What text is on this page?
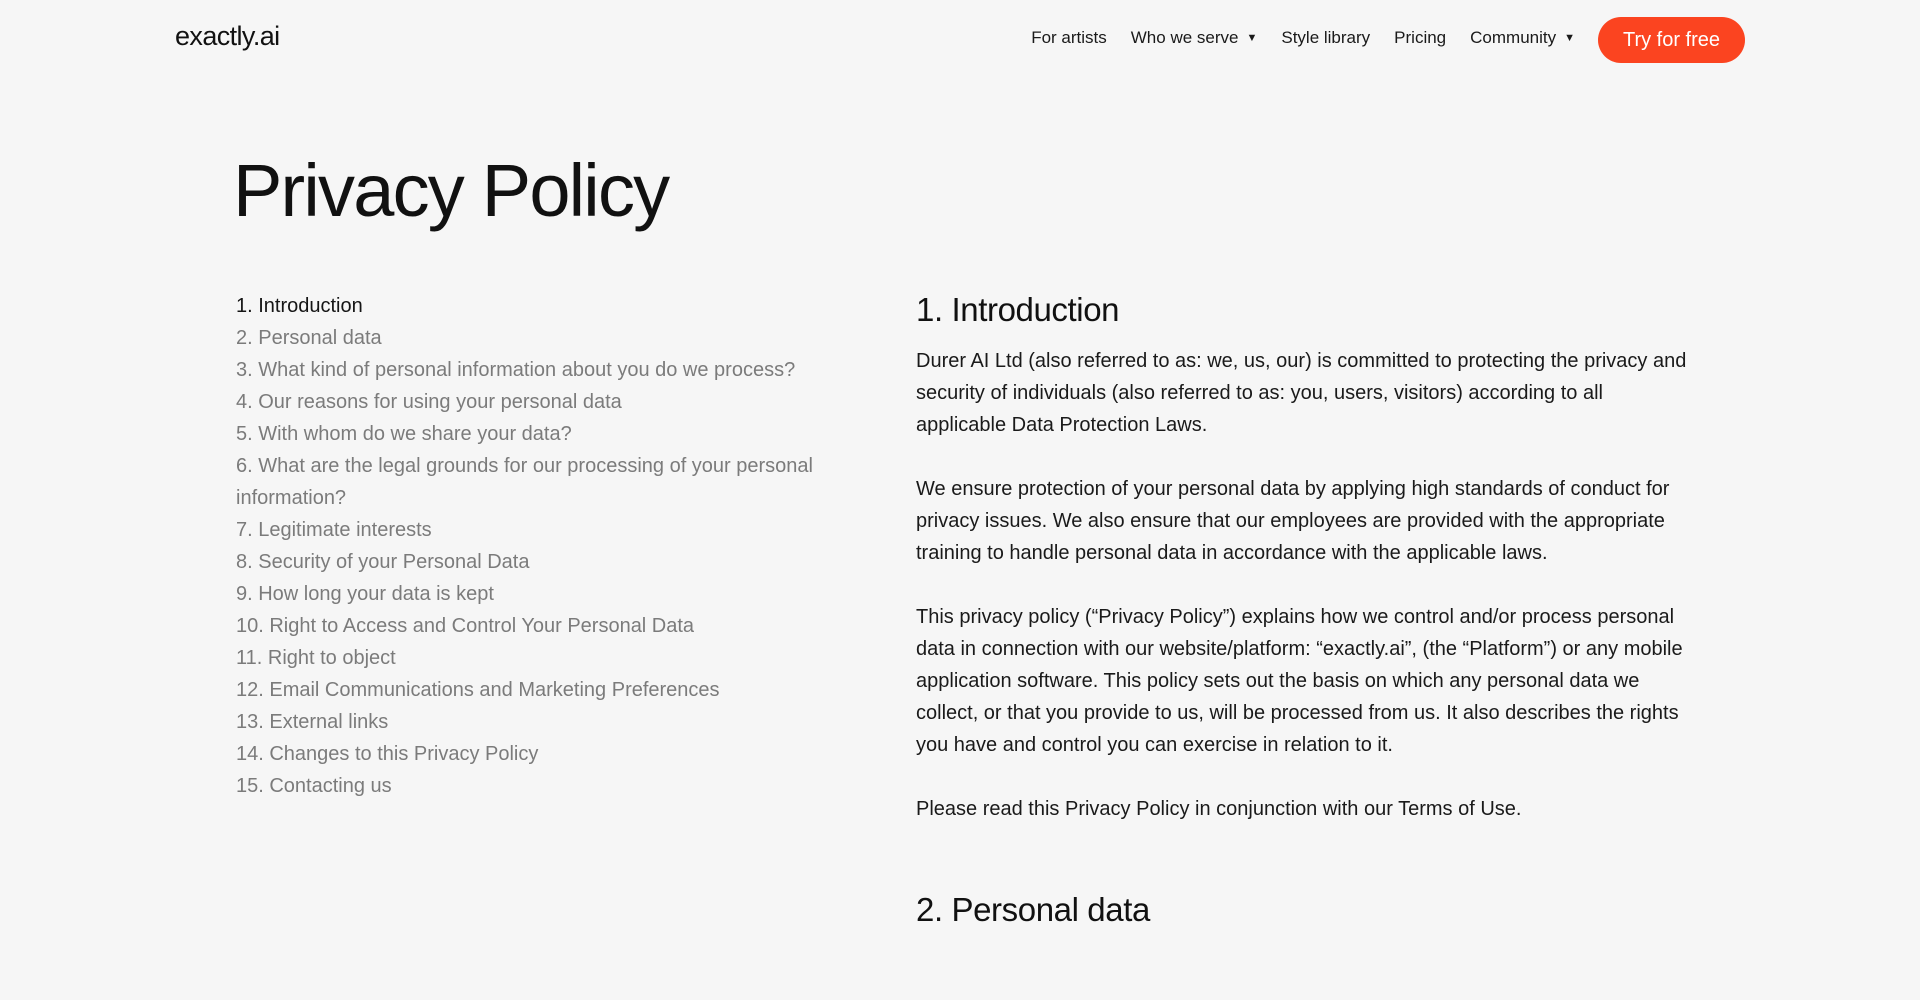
exactly.ai	For artists Who we serve ▼ Style library Pricing Community ▼	Try for free
Privacy Policy
1. Introduction
2. Personal data
3. What kind of personal information about you do we process?
4. Our reasons for using your personal data
5. With whom do we share your data?
6. What are the legal grounds for our processing of your personal information?
7. Legitimate interests
8. Security of your Personal Data
9. How long your data is kept
10. Right to Access and Control Your Personal Data
11. Right to object
12. Email Communications and Marketing Preferences
13. External links
14. Changes to this Privacy Policy
15. Contacting us
1. Introduction

Durer AI Ltd (also referred to as: we, us, our) is committed to protecting the privacy and security of individuals (also referred to as: you, users, visitors) according to all applicable Data Protection Laws.

We ensure protection of your personal data by applying high standards of conduct for privacy issues. We also ensure that our employees are provided with the appropriate training to handle personal data in accordance with the applicable laws.

This privacy policy (“Privacy Policy”) explains how we control and/or process personal data in connection with our website/platform: “exactly.ai”, (the “Platform”) or any mobile application software. This policy sets out the basis on which any personal data we collect, or that you provide to us, will be processed from us. It also describes the rights you have and control you can exercise in relation to it.

Please read this Privacy Policy in conjunction with our Terms of Use.

2. Personal data
